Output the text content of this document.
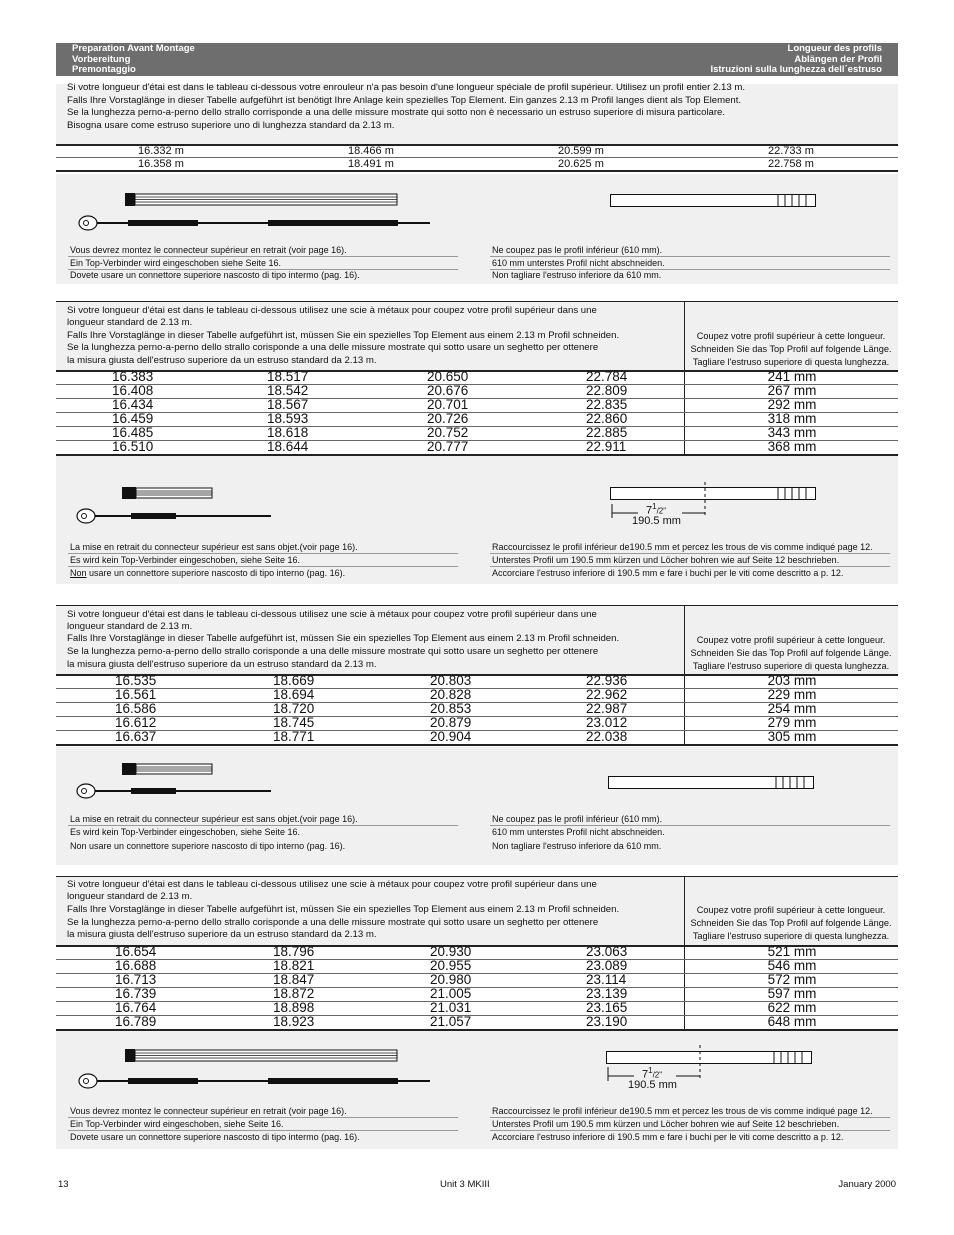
Preparation Avant Montage
Vorbereitung
Premontaggio
Longueur des profils
Ablängen der Profil
Istruzioni sulla lunghezza dell´estruso
Si votre longueur d'étai est dans le tableau ci-dessous votre enrouleur n'a pas besoin d'une longueur spéciale de profil supérieur. Utilisez un profil entier 2.13 m.
Falls Ihre Vorstaglänge in dieser Tabelle aufgeführt ist benötigt Ihre Anlage kein spezielles Top Element. Ein ganzes 2.13 m Profil langes dient als Top Element.
Se la lunghezza perno-a-perno dello strallo corrisponde a una delle missure mostrate qui sotto non è necessario un estruso superiore di misura particolare.
Bisogna usare come estruso superiore uno di lunghezza standard da 2.13 m.
16.332 m	18.466 m	20.599 m	22.733 m
16.358 m	18.491 m	20.625 m	22.758 m
Vous devrez montez le connecteur supérieur en retrait (voir page 16).
Ein Top-Verbinder wird eingeschoben siehe Seite 16.
Dovete usare un connettore superiore nascosto di tipo intermo (pag. 16).
Ne coupez pas le profil inférieur (610 mm).
610 mm unterstes Profil nicht abschneiden.
Non tagliare l'estruso inferiore da 610 mm.
Si votre longueur d'étai est dans le tableau ci-dessous utilisez une scie à métaux pour coupez votre profil supérieur dans une
longueur standard de 2.13 m.
Falls Ihre Vorstaglänge in dieser Tabelle aufgeführt ist, müssen Sie ein spezielles Top Element aus einem 2.13 m Profil schneiden.
Se la lunghezza perno-a-perno dello strallo corisponde a una delle missure mostrate qui sotto usare un seghetto per ottenere
la misura giusta dell'estruso superiore da un estruso standard da 2.13 m.
Coupez votre profil supérieur à cette longueur.
Schneiden Sie das Top Profil auf folgende Länge.
Tagliare l'estruso superiore di questa lunghezza.
16.383	18.517	20.650	22.784	241 mm
16.408	18.542	20.676	22.809	267 mm
16.434	18.567	20.701	22.835	292 mm
16.459	18.593	20.726	22.860	318 mm
16.485	18.618	20.752	22.885	343 mm
16.510	18.644	20.777	22.911	368 mm
$7^1/2$"
190.5 mm
La mise en retrait du connecteur supérieur est sans objet.(voir page 16).
Es wird kein Top-Verbinder eingeschoben, siehe Seite 16.
Non usare un connettore superiore nascosto di tipo interno (pag. 16).
Raccourcissez le profil inférieur de190.5 mm et percez les trous de vis comme indiqué page 12.
Unterstes Profil um 190.5 mm kürzen und Löcher bohren wie auf Seite 12 beschrieben.
Accorciare l'estruso inferiore di 190.5 mm e fare i buchi per le viti come descritto a p. 12.
Si votre longueur d'étai est dans le tableau ci-dessous utilisez une scie à métaux pour coupez votre profil supérieur dans une
longueur standard de 2.13 m.
Falls Ihre Vorstaglänge in dieser Tabelle aufgeführt ist, müssen Sie ein spezielles Top Element aus einem 2.13 m Profil schneiden.
Se la lunghezza perno-a-perno dello strallo corisponde a una delle missure mostrate qui sotto usare un seghetto per ottenere
la misura giusta dell'estruso superiore da un estruso standard da 2.13 m.
Coupez votre profil supérieur à cette longueur.
Schneiden Sie das Top Profil auf folgende Länge.
Tagliare l'estruso superiore di questa lunghezza.
16.535	18.669	20.803	22.936	203 mm
16.561	18.694	20.828	22.962	229 mm
16.586	18.720	20.853	22.987	254 mm
16.612	18.745	20.879	23.012	279 mm
16.637	18.771	20.904	22.038	305 mm
La mise en retrait du connecteur supérieur est sans objet.(voir page 16).
Es wird kein Top-Verbinder eingeschoben, siehe Seite 16.
Non usare un connettore superiore nascosto di tipo interno (pag. 16).
Ne coupez pas le profil inférieur (610 mm).
610 mm unterstes Profil nicht abschneiden.
Non tagliare l'estruso inferiore da 610 mm.
Si votre longueur d'étai est dans le tableau ci-dessous utilisez une scie à métaux pour coupez votre profil supérieur dans une
longueur standard de 2.13 m.
Falls Ihre Vorstaglänge in dieser Tabelle aufgeführt ist, müssen Sie ein spezielles Top Element aus einem 2.13 m Profil schneiden.
Se la lunghezza perno-a-perno dello strallo corisponde a una delle missure mostrate qui sotto usare un seghetto per ottenere
la misura giusta dell'estruso superiore da un estruso standard da 2.13 m.
Coupez votre profil supérieur à cette longueur.
Schneiden Sie das Top Profil auf folgende Länge.
Tagliare l'estruso superiore di questa lunghezza.
16.654	18.796	20.930	23.063	521 mm
16.688	18.821	20.955	23.089	546 mm
16.713	18.847	20.980	23.114	572 mm
16.739	18.872	21.005	23.139	597 mm
16.764	18.898	21.031	23.165	622 mm
16.789	18.923	21.057	23.190	648 mm
$7^1/2$"
190.5 mm
Vous devrez montez le connecteur supérieur en retrait (voir page 16).
Ein Top-Verbinder wird eingeschoben, siehe Seite 16.
Dovete usare un connettore superiore nascosto di tipo intermo (pag. 16).
Raccourcissez le profil inférieur de190.5 mm et percez les trous de vis comme indiqué page 12.
Unterstes Profil um 190.5 mm kürzen und Löcher bohren wie auf Seite 12 beschrieben.
Accorciare l'estruso inferiore di 190.5 mm e fare i buchi per le viti come descritto a p. 12.
13	Unit 3 MKIII	January 2000
